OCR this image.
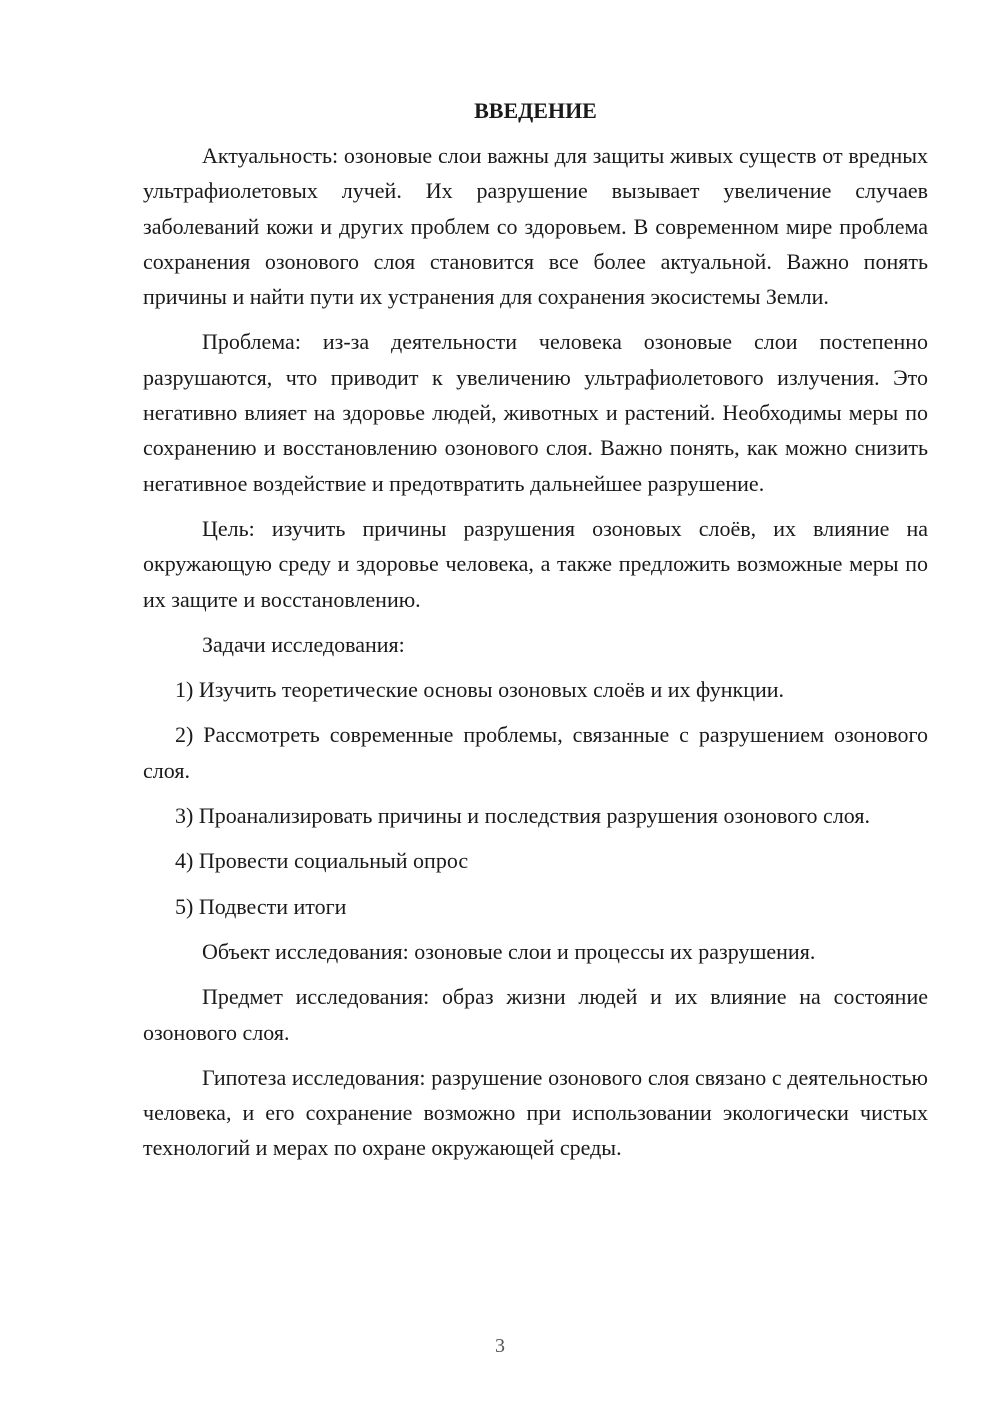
ВВЕДЕНИЕ

Актуальность: озоновые слои важны для защиты живых существ от вредных ультрафиолетовых лучей. Их разрушение вызывает увеличение случаев заболеваний кожи и других проблем со здоровьем. В современном мире проблема сохранения озонового слоя становится все более актуальной. Важно понять причины и найти пути их устранения для сохранения экосистемы Земли.

Проблема: из-за деятельности человека озоновые слои постепенно разрушаются, что приводит к увеличению ультрафиолетового излучения. Это негативно влияет на здоровье людей, животных и растений. Необходимы меры по сохранению и восстановлению озонового слоя. Важно понять, как можно снизить негативное воздействие и предотвратить дальнейшее разрушение.

Цель: изучить причины разрушения озоновых слоёв, их влияние на окружающую среду и здоровье человека, а также предложить возможные меры по их защите и восстановлению.

Задачи исследования:

1) Изучить теоретические основы озоновых слоёв и их функции.

2) Рассмотреть современные проблемы, связанные с разрушением озонового слоя.

3) Проанализировать причины и последствия разрушения озонового слоя.

4) Провести социальный опрос

5) Подвести итоги

Объект исследования: озоновые слои и процессы их разрушения.

Предмет исследования: образ жизни людей и их влияние на состояние озонового слоя.

Гипотеза исследования: разрушение озонового слоя связано с деятельностью человека, и его сохранение возможно при использовании экологически чистых технологий и мерах по охране окружающей среды.

3
